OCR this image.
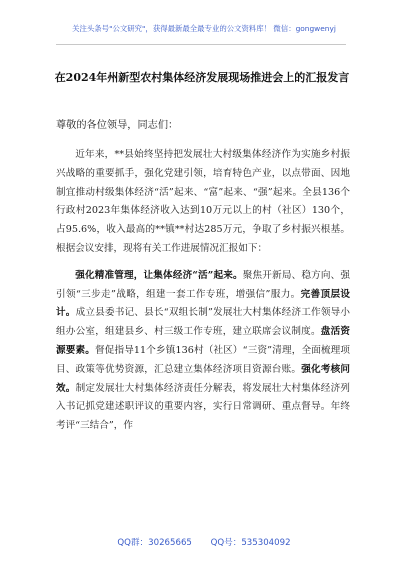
关注头条号"公文研究"，获得最新最全最专业的公文资料库！ 微信：gongwenyj
在2024年州新型农村集体经济发展现场推进会上的汇报发言
尊敬的各位领导，同志们：

近年来，**县始终坚持把发展壮大村级集体经济作为实施乡村振兴战略的重要抓手，强化党建引领，培育特色产业，以点带面、因地制宜推动村级集体经济“活”起来、“富”起来、“强”起来。全县136个行政村2023年集体经济收入达到10万元以上的村（社区）130个，占95.6%，收入最高的**镇**村达285万元，争取了乡村振兴根基。根据会议安排，现将有关工作进展情况汇报如下：

强化精准管理，让集体经济“活”起来。聚焦开新局、稳方向、强引领“三步走”战略，组建一套工作专班，增强信”服力。完善顶层设计。成立县委书记、县长“双组长制”发展壮大村集体经济工作领导小组办公室，组建县乡、村三级工作专班，建立联席会议制度。盘活资源要素。督促指导11个乡镇136村（社区）“三资”清理，全面梳理项目、政策等优势资源，汇总建立集体经济项目资源台账。强化考核问效。制定发展壮大村集体经济责任分解表，将发展壮大村集体经济列入书记抓党建述职评议的重要内容，实行日常调研、重点督导。年终考评“三结合”，作

QQ群：30265665 QQ号：535304092
